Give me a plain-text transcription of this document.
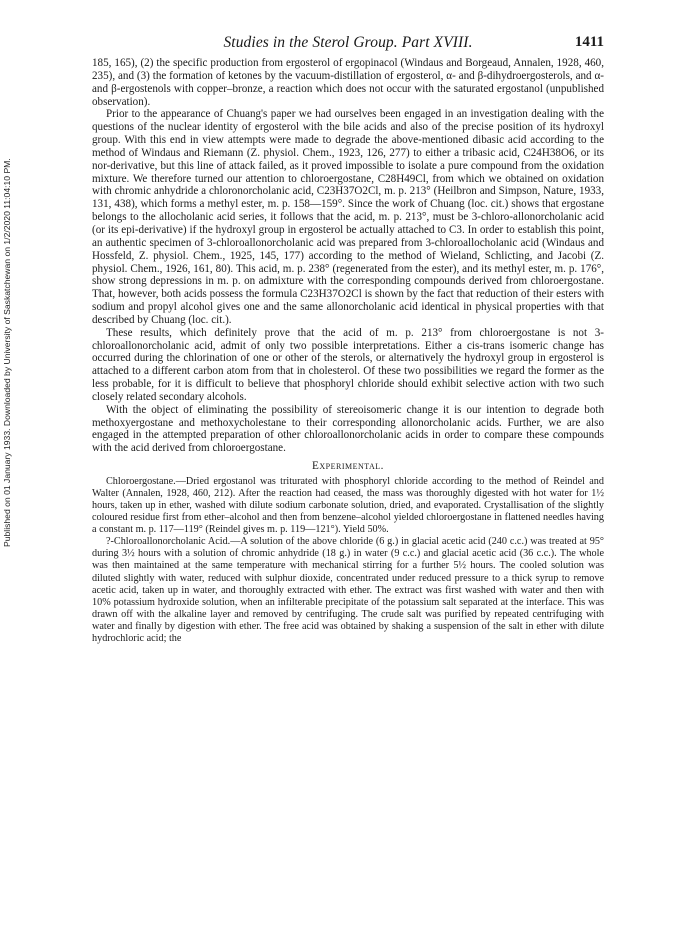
Published on 01 January 1933. Downloaded by University of Saskatchewan on 1/2/2020 11:04:10 PM.
Studies in the Sterol Group. Part XVIII.	1411

185, 165), (2) the specific production from ergosterol of ergopinacol (Windaus and Borgeaud, Annalen, 1928, 460, 235), and (3) the formation of ketones by the vacuum-distillation of ergosterol, α- and β-dihydroergosterols, and α- and β-ergostenols with copper–bronze, a reaction which does not occur with the saturated ergostanol (unpublished observation).

Prior to the appearance of Chuang's paper we had ourselves been engaged in an investigation dealing with the questions of the nuclear identity of ergosterol with the bile acids and also of the precise position of its hydroxyl group. With this end in view attempts were made to degrade the above-mentioned dibasic acid according to the method of Windaus and Riemann (Z. physiol. Chem., 1923, 126, 277) to either a tribasic acid, C24H38O6, or its nor-derivative, but this line of attack failed, as it proved impossible to isolate a pure compound from the oxidation mixture. We therefore turned our attention to chloroergostane, C28H49Cl, from which we obtained on oxidation with chromic anhydride a chloronorcholanic acid, C23H37O2Cl, m. p. 213° (Heilbron and Simpson, Nature, 1933, 131, 438), which forms a methyl ester, m. p. 158—159°. Since the work of Chuang (loc. cit.) shows that ergostane belongs to the allocholanic acid series, it follows that the acid, m. p. 213°, must be 3-chloro-allonorcholanic acid (or its epi-derivative) if the hydroxyl group in ergosterol be actually attached to C3. In order to establish this point, an authentic specimen of 3-chloroallonorcholanic acid was prepared from 3-chloroallocholanic acid (Windaus and Hossfeld, Z. physiol. Chem., 1925, 145, 177) according to the method of Wieland, Schlicting, and Jacobi (Z. physiol. Chem., 1926, 161, 80). This acid, m. p. 238° (regenerated from the ester), and its methyl ester, m. p. 176°, show strong depressions in m. p. on admixture with the corresponding compounds derived from chloroergostane. That, however, both acids possess the formula C23H37O2Cl is shown by the fact that reduction of their esters with sodium and propyl alcohol gives one and the same allonorcholanic acid identical in physical properties with that described by Chuang (loc. cit.).

These results, which definitely prove that the acid of m. p. 213° from chloroergostane is not 3-chloroallonorcholanic acid, admit of only two possible interpretations. Either a cis-trans isomeric change has occurred during the chlorination of one or other of the sterols, or alternatively the hydroxyl group in ergosterol is attached to a different carbon atom from that in cholesterol. Of these two possibilities we regard the former as the less probable, for it is difficult to believe that phosphoryl chloride should exhibit selective action with two such closely related secondary alcohols.

With the object of eliminating the possibility of stereoisomeric change it is our intention to degrade both methoxyergostane and methoxycholestane to their corresponding allonorcholanic acids. Further, we are also engaged in the attempted preparation of other chloroallonorcholanic acids in order to compare these compounds with the acid derived from chloroergostane.

Experimental.

Chloroergostane.—Dried ergostanol was triturated with phosphoryl chloride according to the method of Reindel and Walter (Annalen, 1928, 460, 212). After the reaction had ceased, the mass was thoroughly digested with hot water for 1½ hours, taken up in ether, washed with dilute sodium carbonate solution, dried, and evaporated. Crystallisation of the slightly coloured residue first from ether–alcohol and then from benzene–alcohol yielded chloroergostane in flattened needles having a constant m. p. 117—119° (Reindel gives m. p. 119—121°). Yield 50%.

?-Chloroallonorcholanic Acid.—A solution of the above chloride (6 g.) in glacial acetic acid (240 c.c.) was treated at 95° during 3½ hours with a solution of chromic anhydride (18 g.) in water (9 c.c.) and glacial acetic acid (36 c.c.). The whole was then maintained at the same temperature with mechanical stirring for a further 5½ hours. The cooled solution was diluted slightly with water, reduced with sulphur dioxide, concentrated under reduced pressure to a thick syrup to remove acetic acid, taken up in water, and thoroughly extracted with ether. The extract was first washed with water and then with 10% potassium hydroxide solution, when an infilterable precipitate of the potassium salt separated at the interface. This was drawn off with the alkaline layer and removed by centrifuging. The crude salt was purified by repeated centrifuging with water and finally by digestion with ether. The free acid was obtained by shaking a suspension of the salt in ether with dilute hydrochloric acid; the
